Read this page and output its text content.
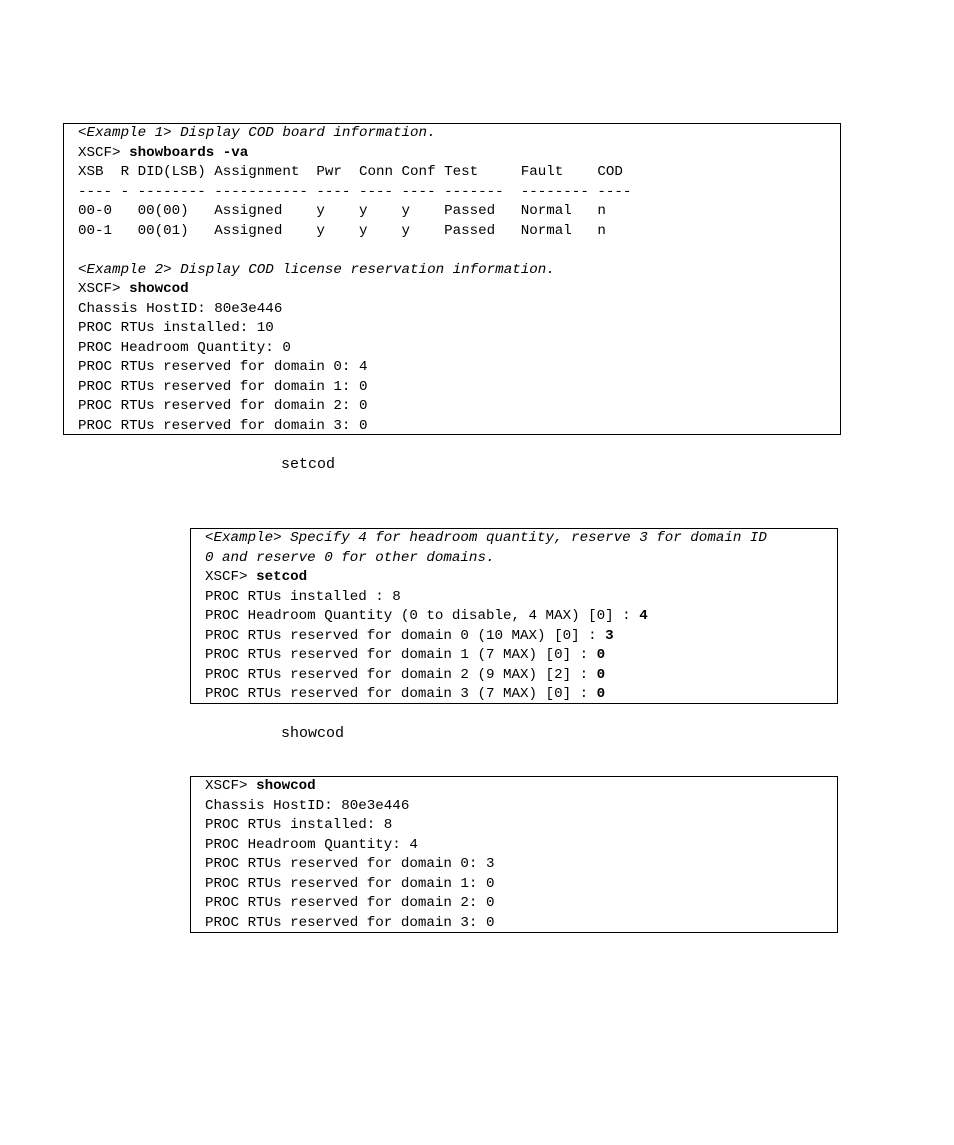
<Example 1> Display COD board information.
XSCF> showboards -va
XSB  R DID(LSB) Assignment  Pwr  Conn Conf Test     Fault    COD
---- - -------- ----------- ---- ---- ---- -------  -------- ----
00-0   00(00)   Assigned    y    y    y    Passed   Normal   n
00-1   00(01)   Assigned    y    y    y    Passed   Normal   n
<Example 2> Display COD license reservation information.
XSCF> showcod
Chassis HostID: 80e3e446
PROC RTUs installed: 10
PROC Headroom Quantity: 0
PROC RTUs reserved for domain 0: 4
PROC RTUs reserved for domain 1: 0
PROC RTUs reserved for domain 2: 0
PROC RTUs reserved for domain 3: 0
setcod
<Example> Specify 4 for headroom quantity, reserve 3 for domain ID
0 and reserve 0 for other domains.
XSCF> setcod
PROC RTUs installed : 8
PROC Headroom Quantity (0 to disable, 4 MAX) [0] : 4
PROC RTUs reserved for domain 0 (10 MAX) [0] : 3
PROC RTUs reserved for domain 1 (7 MAX) [0] : 0
PROC RTUs reserved for domain 2 (9 MAX) [2] : 0
PROC RTUs reserved for domain 3 (7 MAX) [0] : 0
showcod
XSCF> showcod
Chassis HostID: 80e3e446
PROC RTUs installed: 8
PROC Headroom Quantity: 4
PROC RTUs reserved for domain 0: 3
PROC RTUs reserved for domain 1: 0
PROC RTUs reserved for domain 2: 0
PROC RTUs reserved for domain 3: 0
